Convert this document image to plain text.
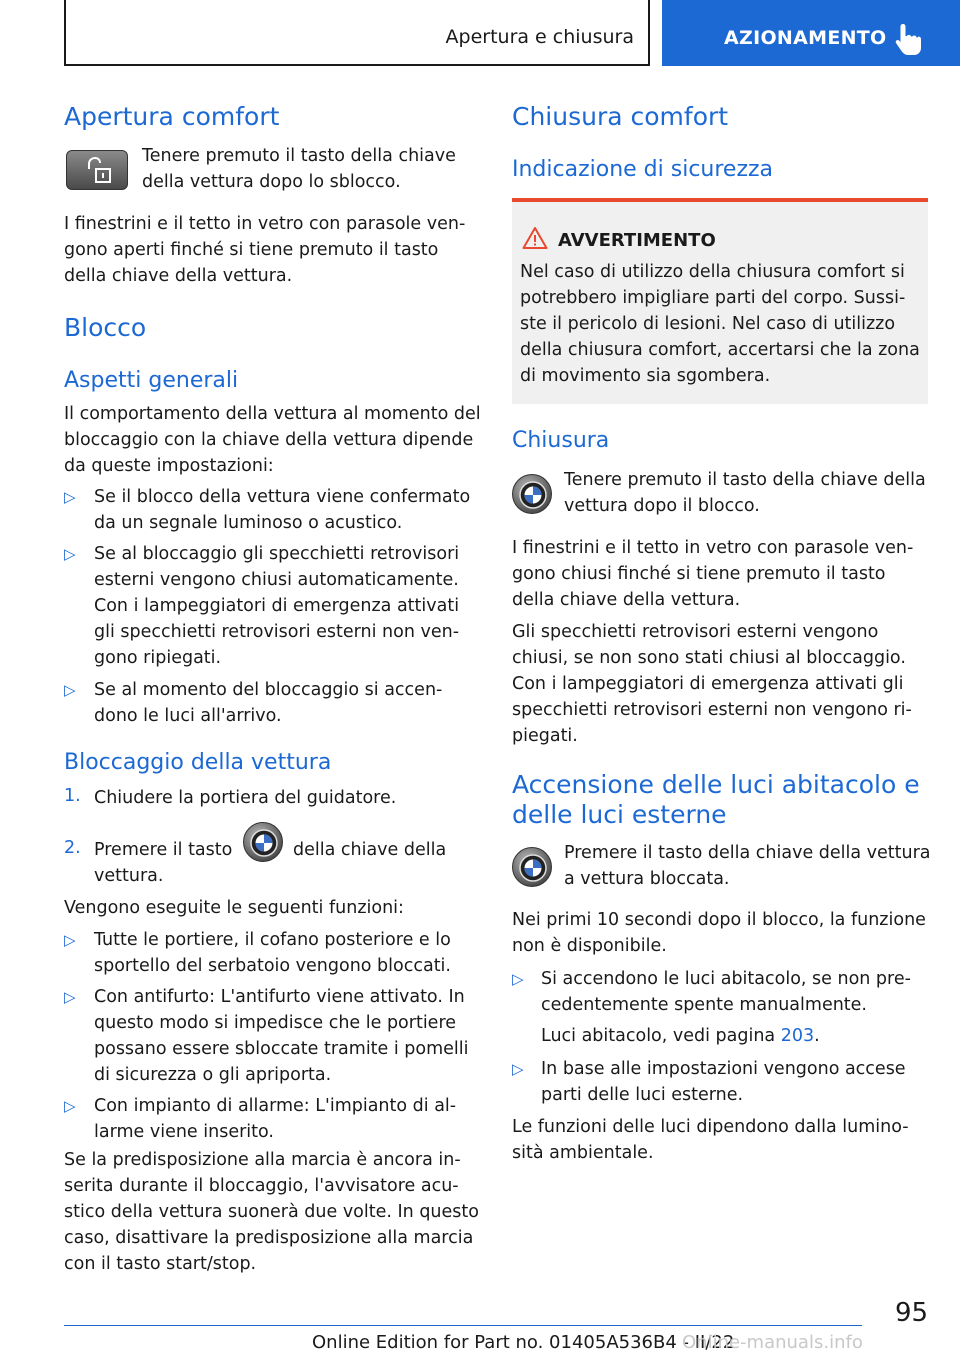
Apertura e chiusura	AZIONAMENTO
Apertura comfort
Tenere premuto il tasto della chiave
della vettura dopo lo sblocco.
I finestrini e il tetto in vetro con parasole ven-
gono aperti finché si tiene premuto il tasto
della chiave della vettura.
Blocco
Aspetti generali
Il comportamento della vettura al momento del
bloccaggio con la chiave della vettura dipende
da queste impostazioni:
▷ Se il blocco della vettura viene confermato
da un segnale luminoso o acustico.
▷ Se al bloccaggio gli specchietti retrovisori
esterni vengono chiusi automaticamente.
Con i lampeggiatori di emergenza attivati
gli specchietti retrovisori esterni non ven-
gono ripiegati.
▷ Se al momento del bloccaggio si accen-
dono le luci all'arrivo.
Bloccaggio della vettura
1. Chiudere la portiera del guidatore.
2. Premere il tasto	della chiave della
vettura.
Vengono eseguite le seguenti funzioni:
▷ Tutte le portiere, il cofano posteriore e lo
sportello del serbatoio vengono bloccati.
▷ Con antifurto: L'antifurto viene attivato. In
questo modo si impedisce che le portiere
possano essere sbloccate tramite i pomelli
di sicurezza o gli apriporta.
▷ Con impianto di allarme: L'impianto di al-
larme viene inserito.
Se la predisposizione alla marcia è ancora in-
serita durante il bloccaggio, l'avvisatore acu-
stico della vettura suonerà due volte. In questo
caso, disattivare la predisposizione alla marcia
con il tasto start/stop.
Chiusura comfort
Indicazione di sicurezza
AVVERTIMENTO
Nel caso di utilizzo della chiusura comfort si
potrebbero impigliare parti del corpo. Sussi-
ste il pericolo di lesioni. Nel caso di utilizzo
della chiusura comfort, accertarsi che la zona
di movimento sia sgombera.
Chiusura
Tenere premuto il tasto della chiave della
vettura dopo il blocco.
I finestrini e il tetto in vetro con parasole ven-
gono chiusi finché si tiene premuto il tasto
della chiave della vettura.
Gli specchietti retrovisori esterni vengono
chiusi, se non sono stati chiusi al bloccaggio.
Con i lampeggiatori di emergenza attivati gli
specchietti retrovisori esterni non vengono ri-
piegati.
Accensione delle luci abitacolo e
delle luci esterne
Premere il tasto della chiave della vettura
a vettura bloccata.
Nei primi 10 secondi dopo il blocco, la funzione
non è disponibile.
▷ Si accendono le luci abitacolo, se non pre-
cedentemente spente manualmente.
Luci abitacolo, vedi pagina 203.
▷ In base alle impostazioni vengono accese
parti delle luci esterne.
Le funzioni delle luci dipendono dalla lumino-
sità ambientale.
95
Online Edition for Part no. 01405A536B4 - II/22
Online-manuals.info
